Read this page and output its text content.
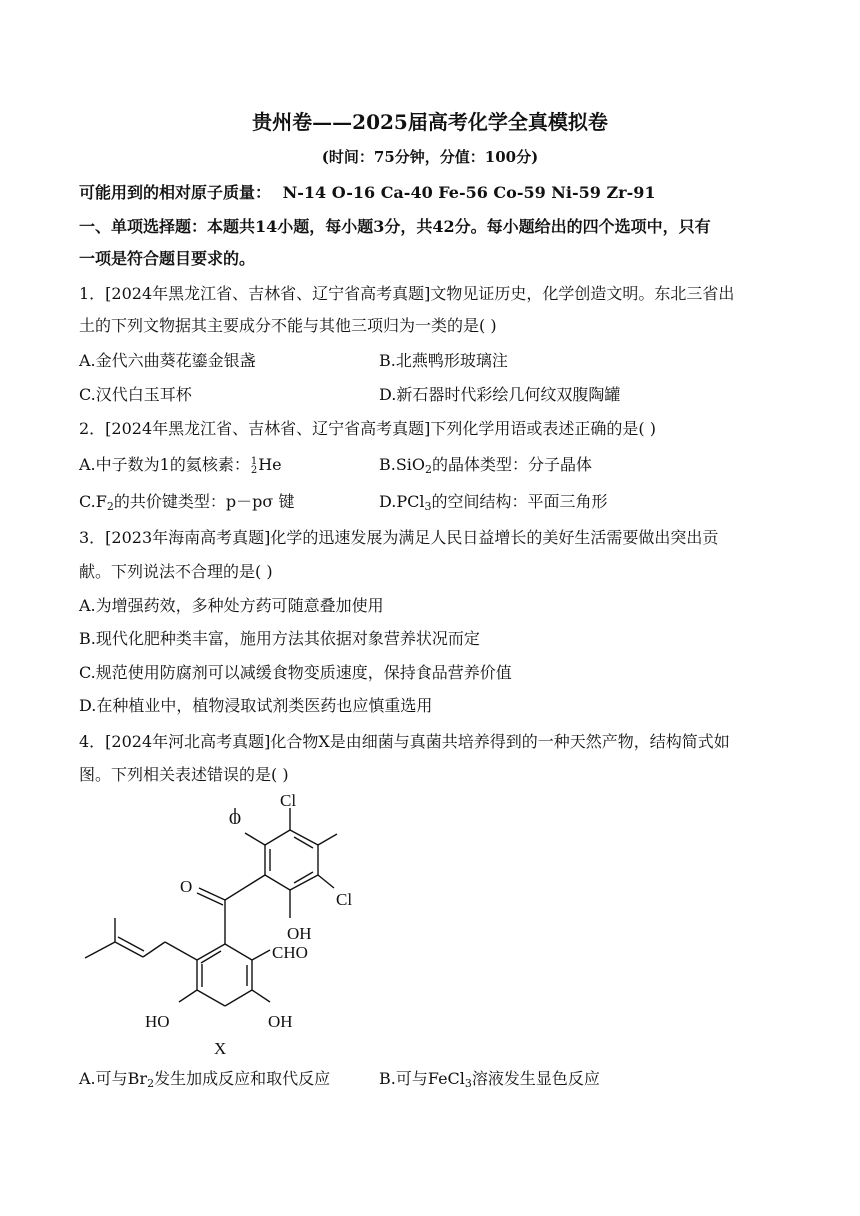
贵州卷——2025届高考化学全真模拟卷
(时间：75分钟，分值：100分)
可能用到的相对原子质量： N-14 O-16 Ca-40 Fe-56 Co-59 Ni-59 Zr-91
一、单项选择题：本题共14小题，每小题3分，共42分。每小题给出的四个选项中，只有
一项是符合题目要求的。
1．[2024年黑龙江省、吉林省、辽宁省高考真题]文物见证历史，化学创造文明。东北三省出
土的下列文物据其主要成分不能与其他三项归为一类的是( )
A.金代六曲葵花鎏金银盏	B.北燕鸭形玻璃注
C.汉代白玉耳杯	D.新石器时代彩绘几何纹双腹陶罐
2．[2024年黑龙江省、吉林省、辽宁省高考真题]下列化学用语或表述正确的是( )
A.中子数为1的氦核素： 1
2 He	B.SiO$_2$的晶体类型：分子晶体
$C.F_2$的共价键类型：p－pσ 键	D.PCl$_3$的空间结构：平面三角形
3．[2023年海南高考真题]化学的迅速发展为满足人民日益增长的美好生活需要做出突出贡
献。下列说法不合理的是( )
A.为增强药效，多种处方药可随意叠加使用
B.现代化肥种类丰富，施用方法其依据对象营养状况而定
C.规范使用防腐剂可以减缓食物变质速度，保持食品营养价值
D.在种植业中，植物浸取试剂类医药也应慎重选用
4．[2024年河北高考真题]化合物X是由细菌与真菌共培养得到的一种天然产物，结构简式如
图。下列相关表述错误的是( )
Cl
O
Cl
O
OH
CHO
HO	OH
X
A.可与$Br_2$发生加成反应和取代反应	B.可与FeCl$_3$溶液发生显色反应
